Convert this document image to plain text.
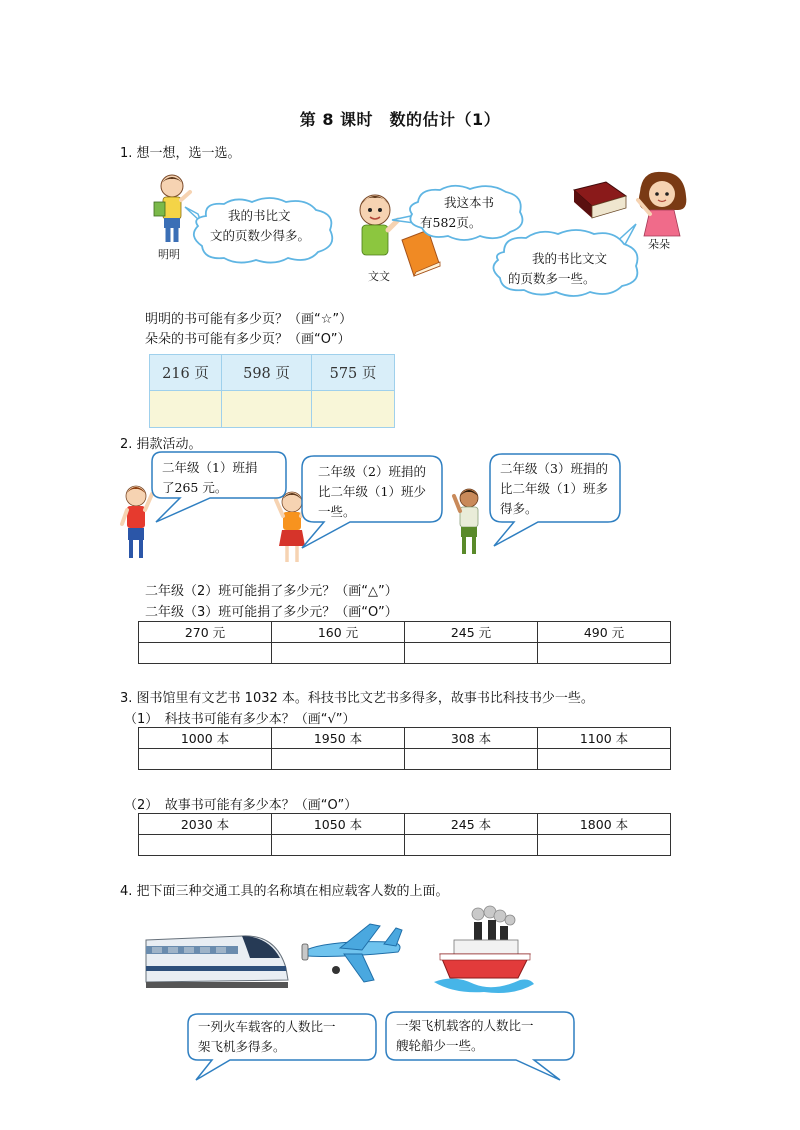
第 8 课时　数的估计（1）
1. 想一想，选一选。
明明
我的书比文
文的页数少得多。
文文
我这本书
有582页。
朵朵
我的书比文文
的页数多一些。
明明的书可能有多少页？（画“☆”）
朵朵的书可能有多少页？（画“O”）
216 页	598 页	575 页

2. 捐款活动。
二年级（1）班捐
了265 元。
二年级（2）班捐的
比二年级（1）班少
一些。
二年级（3）班捐的
比二年级（1）班多
得多。
二年级（2）班可能捐了多少元？（画“△”）
二年级（3）班可能捐了多少元？（画“O”）
270 元	160 元	245 元	490 元

3. 图书馆里有文艺书 1032 本。科技书比文艺书多得多，故事书比科技书少一些。
（1）　科技书可能有多少本？（画“√”）
1000 本	1950 本	308 本	1100 本

（2）　故事书可能有多少本？（画“O”）
2030 本	1050 本	245 本	1800 本

4. 把下面三种交通工具的名称填在相应载客人数的上面。
一列火车载客的人数比一
架飞机多得多。
一架飞机载客的人数比一
艘轮船少一些。
